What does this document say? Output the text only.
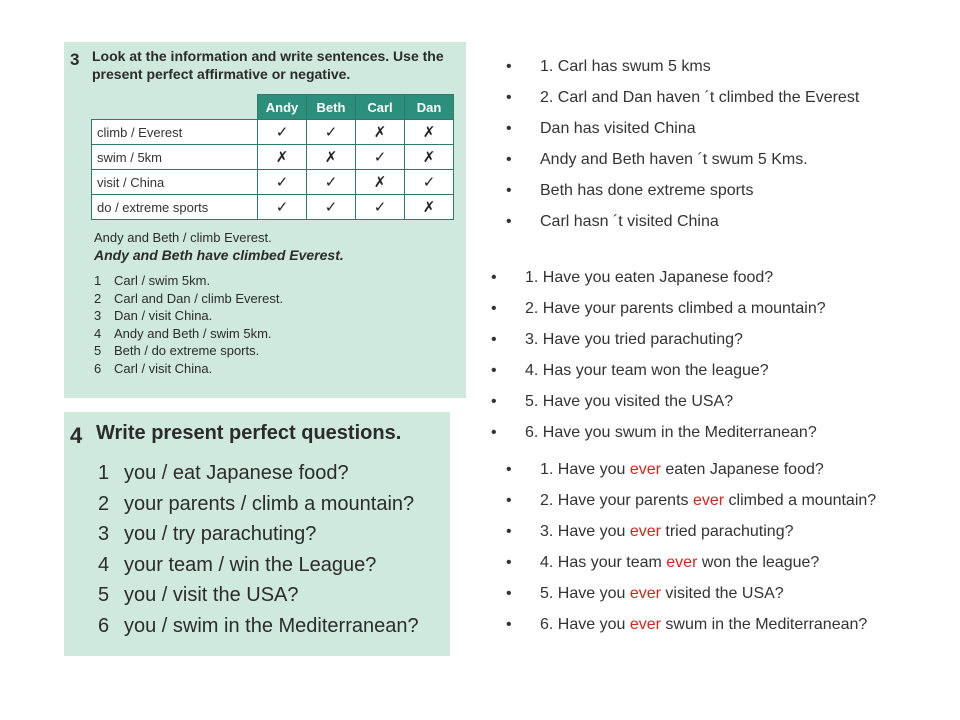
3 Look at the information and write sentences. Use the present perfect affirmative or negative.
	Andy	Beth	Carl	Dan
climb / Everest	✓	✓	✗	✗
swim / 5km	✗	✗	✓	✗
visit / China	✓	✓	✗	✓
do / extreme sports	✓	✓	✓	✗
Andy and Beth / climb Everest.
Andy and Beth have climbed Everest.
1 Carl / swim 5km.
2 Carl and Dan / climb Everest.
3 Dan / visit China.
4 Andy and Beth / swim 5km.
5 Beth / do extreme sports.
6 Carl / visit China.
4 Write present perfect questions.
1 you / eat Japanese food?
2 your parents / climb a mountain?
3 you / try parachuting?
4 your team / win the League?
5 you / visit the USA?
6 you / swim in the Mediterranean?
• 1. Carl has swum 5 kms
• 2. Carl and Dan haven ´t climbed the Everest
• Dan has visited China
• Andy and Beth haven ´t swum 5 Kms.
• Beth has done extreme sports
• Carl hasn ´t visited China
• 1. Have you eaten Japanese food?
• 2. Have your parents climbed a mountain?
• 3. Have you tried parachuting?
• 4. Has your team won the league?
• 5. Have you visited the USA?
• 6. Have you swum in the Mediterranean?
• 1. Have you ever eaten Japanese food?
• 2. Have your parents ever climbed a mountain?
• 3. Have you ever tried parachuting?
• 4. Has your team ever won the league?
• 5. Have you ever visited the USA?
• 6. Have you ever swum in the Mediterranean?
